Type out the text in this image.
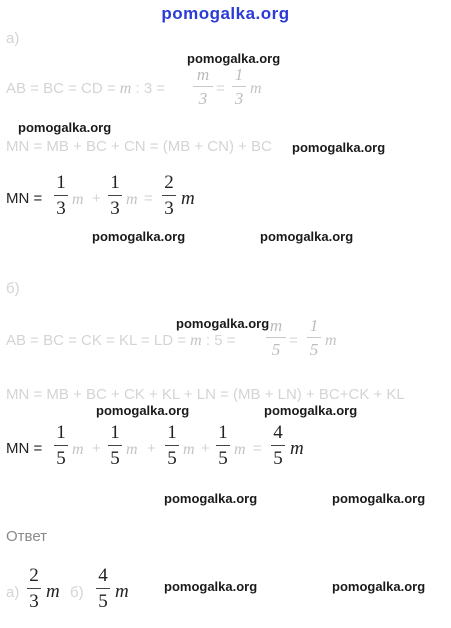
pomogalka.org
а)
pomogalka.org
AB = BC = CD = m : 3 =
m
3
=
1
3
m
pomogalka.org
MN = MB + BC + CN = (MB + CN) + BC pomogalka.org
MN =
1
3 m +
1
3 m =
2
3 m
pomogalka.org	pomogalka.org
б)
pomogalka.org
AB = BC = CK = KL = LD = m : 5 =
m
5 =
1
5 m
MN = MB + BC + CK + KL + LN = (MB + LN) + BC+CK + KL
pomogalka.org	pomogalka.org
MN =
1
5 m +
1
5 m +
1
5 m +
1
5 m =
4
5 m
pomogalka.org	pomogalka.org
Ответ
а)
2
3 m б)
4
5 m	pomogalka.org	pomogalka.org
